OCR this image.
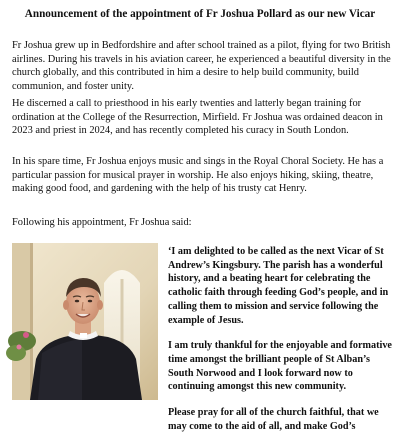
Announcement of the appointment of Fr Joshua Pollard as our new Vicar

Fr Joshua grew up in Bedfordshire and after school trained as a pilot, flying for two British airlines. During his travels in his aviation career, he experienced a beautiful diversity in the church globally, and this contributed in him a desire to help build community, build communion, and foster unity.

He discerned a call to priesthood in his early twenties and latterly began training for ordination at the College of the Resurrection, Mirfield. Fr Joshua was ordained deacon in 2023 and priest in 2024, and has recently completed his curacy in South London.

In his spare time, Fr Joshua enjoys music and sings in the Royal Choral Society. He has a particular passion for musical prayer in worship. He also enjoys hiking, skiing, theatre, making good food, and gardening with the help of his trusty cat Henry.

Following his appointment, Fr Joshua said:

‘I am delighted to be called as the next Vicar of St Andrew’s Kingsbury. The parish has a wonderful history, and a beating heart for celebrating the catholic faith through feeding God’s people, and in calling them to mission and service following the example of Jesus.

I am truly thankful for the enjoyable and formative time amongst the brilliant people of St Alban’s South Norwood and I look forward now to continuing amongst this new community.

Please pray for all of the church faithful, that we may come to the aid of all, and make God’s
